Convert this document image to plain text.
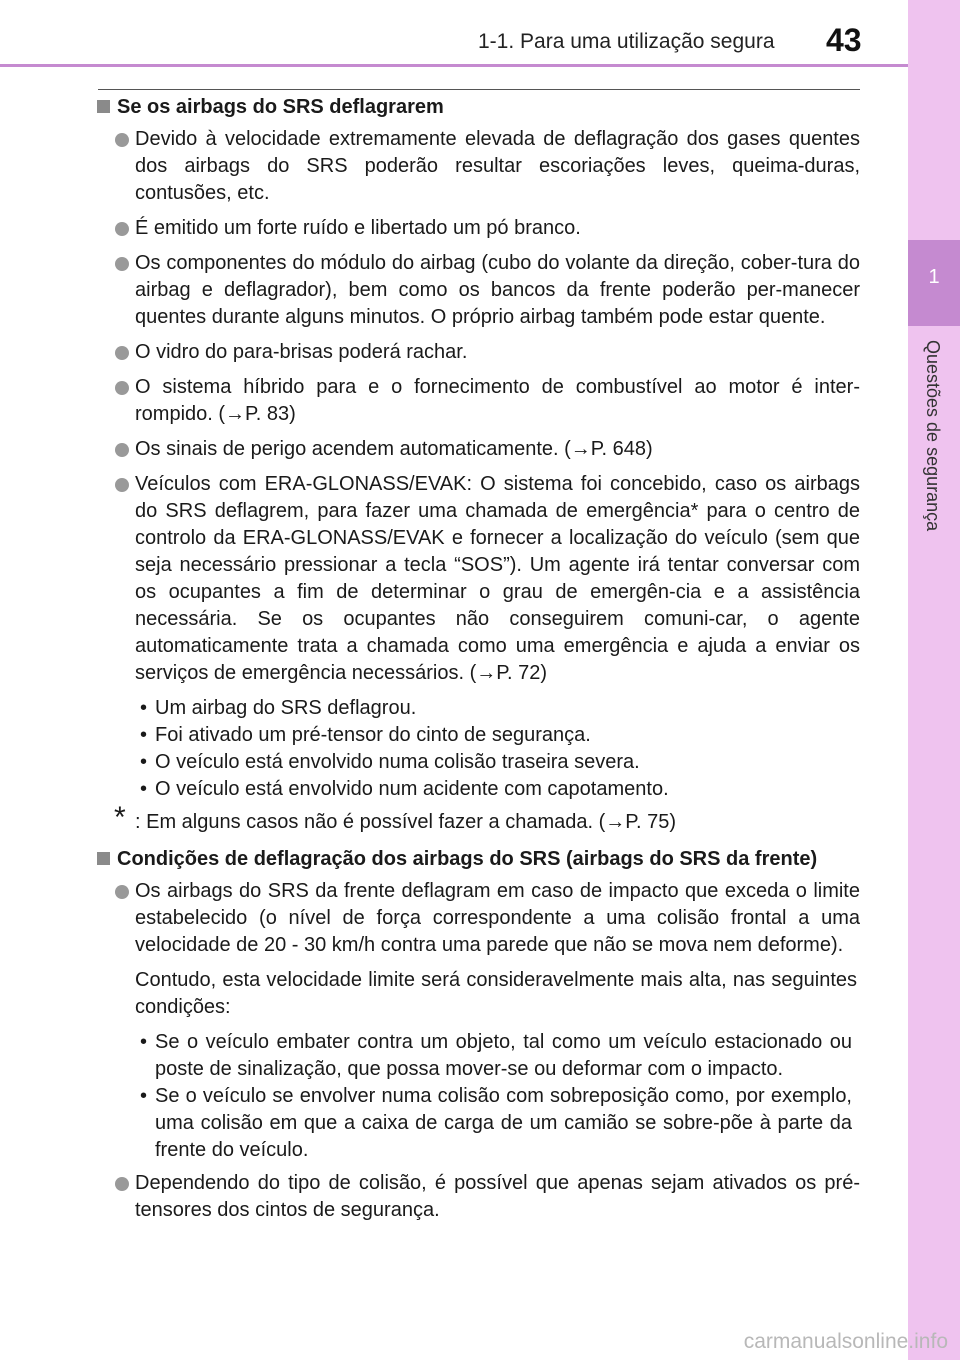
1-1. Para uma utilização segura 43
1
Questões de segurança
Se os airbags do SRS deflagrarem
Devido à velocidade extremamente elevada de deflagração dos gases quentes dos airbags do SRS poderão resultar escoriações leves, queima-duras, contusões, etc.
É emitido um forte ruído e libertado um pó branco.
Os componentes do módulo do airbag (cubo do volante da direção, cober-tura do airbag e deflagrador), bem como os bancos da frente poderão per-manecer quentes durante alguns minutos. O próprio airbag também pode estar quente.
O vidro do para-brisas poderá rachar.
O sistema híbrido para e o fornecimento de combustível ao motor é inter-rompido. (→P. 83)
Os sinais de perigo acendem automaticamente. (→P. 648)
Veículos com ERA-GLONASS/EVAK: O sistema foi concebido, caso os airbags do SRS deflagrem, para fazer uma chamada de emergência* para o centro de controlo da ERA-GLONASS/EVAK e fornecer a localização do veículo (sem que seja necessário pressionar a tecla “SOS”). Um agente irá tentar conversar com os ocupantes a fim de determinar o grau de emergên-cia e a assistência necessária. Se os ocupantes não conseguirem comuni-car, o agente automaticamente trata a chamada como uma emergência e ajuda a enviar os serviços de emergência necessários. (→P. 72)
• Um airbag do SRS deflagrou.
• Foi ativado um pré-tensor do cinto de segurança.
• O veículo está envolvido numa colisão traseira severa.
• O veículo está envolvido num acidente com capotamento.
* : Em alguns casos não é possível fazer a chamada. (→P. 75)
Condições de deflagração dos airbags do SRS (airbags do SRS da frente)
Os airbags do SRS da frente deflagram em caso de impacto que exceda o limite estabelecido (o nível de força correspondente a uma colisão frontal a uma velocidade de 20 - 30 km/h contra uma parede que não se mova nem deforme).
Contudo, esta velocidade limite será consideravelmente mais alta, nas seguintes condições:
• Se o veículo embater contra um objeto, tal como um veículo estacionado ou poste de sinalização, que possa mover-se ou deformar com o impacto.
• Se o veículo se envolver numa colisão com sobreposição como, por exemplo, uma colisão em que a caixa de carga de um camião se sobre-põe à parte da frente do veículo.
Dependendo do tipo de colisão, é possível que apenas sejam ativados os pré-tensores dos cintos de segurança.
carmanualsonline.info
